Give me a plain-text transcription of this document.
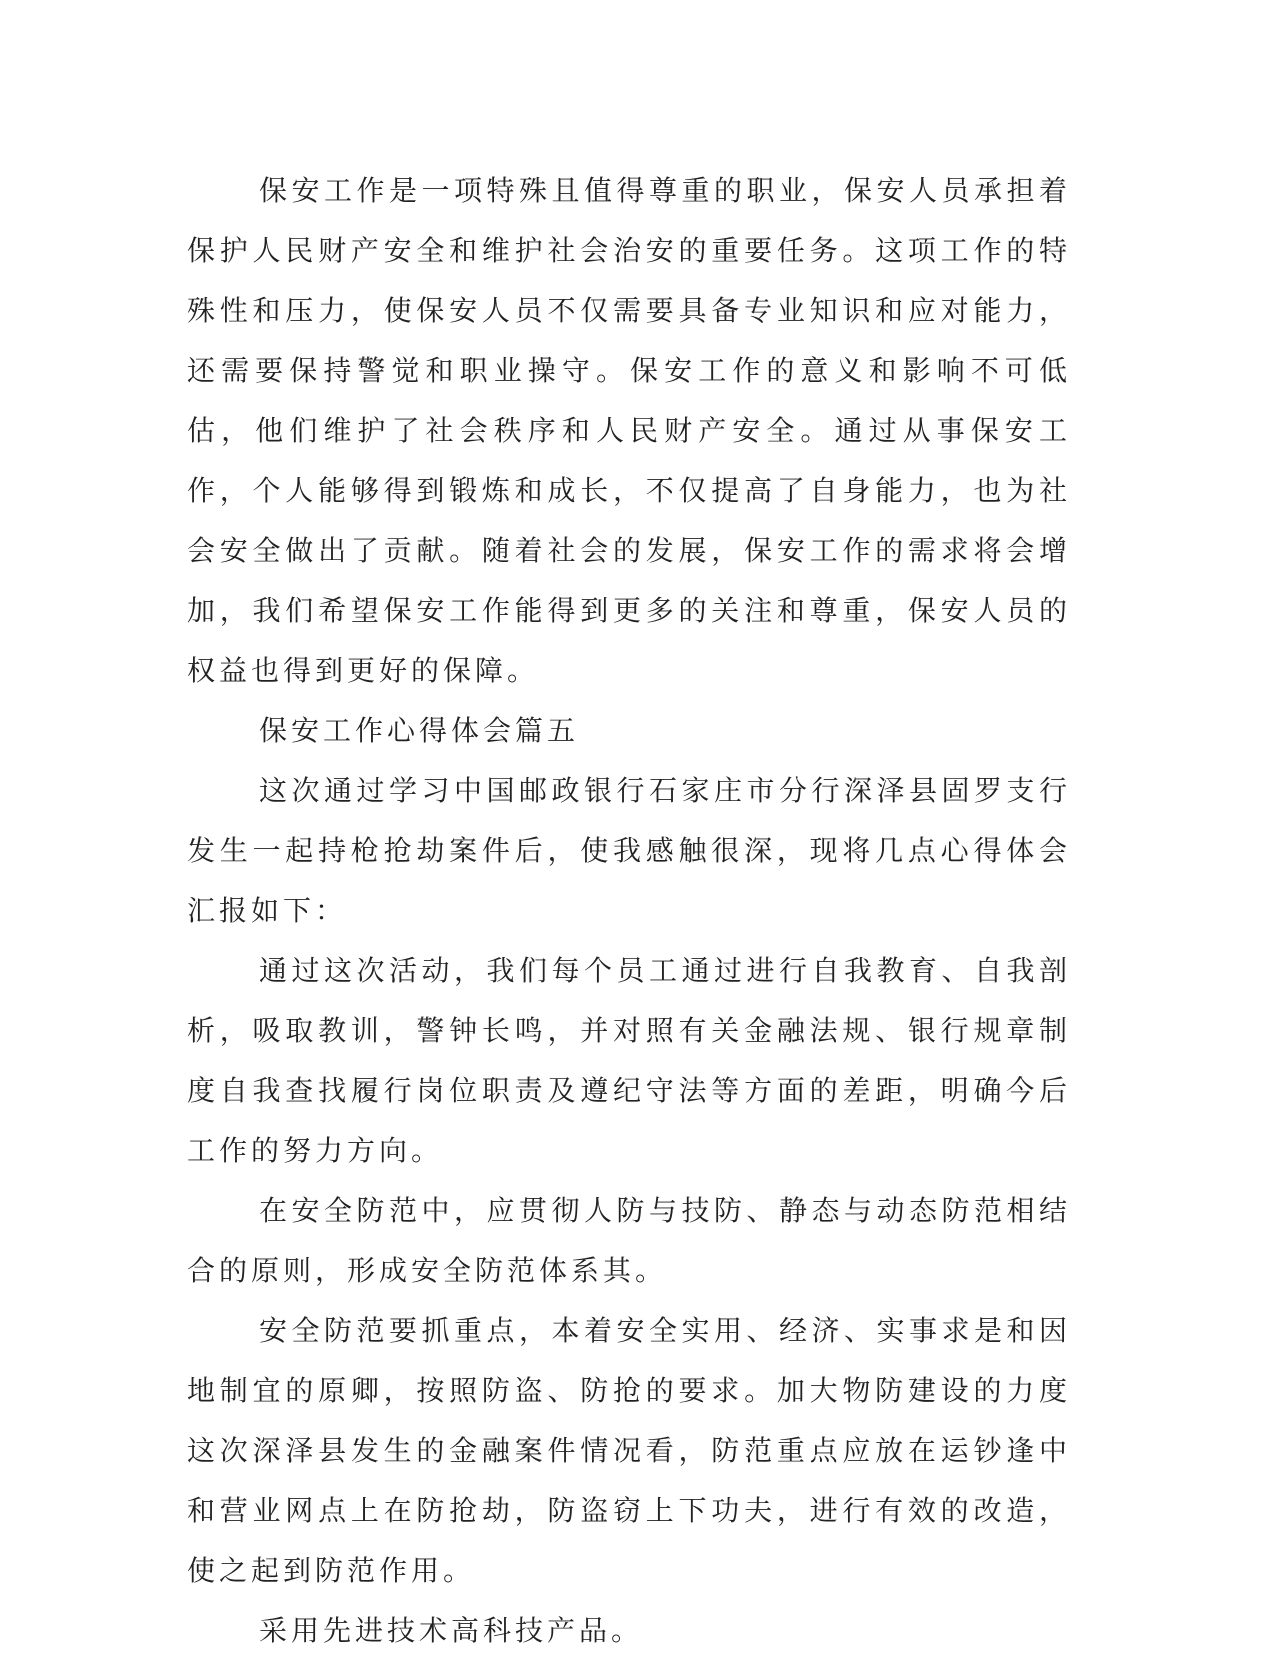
保安工作是一项特殊且值得尊重的职业，保安人员承担着保护人民财产安全和维护社会治安的重要任务。这项工作的特殊性和压力，使保安人员不仅需要具备专业知识和应对能力，还需要保持警觉和职业操守。保安工作的意义和影响不可低估，他们维护了社会秩序和人民财产安全。通过从事保安工作，个人能够得到锻炼和成长，不仅提高了自身能力，也为社会安全做出了贡献。随着社会的发展，保安工作的需求将会增加，我们希望保安工作能得到更多的关注和尊重，保安人员的权益也得到更好的保障。

保安工作心得体会篇五

这次通过学习中国邮政银行石家庄市分行深泽县固罗支行发生一起持枪抢劫案件后，使我感触很深，现将几点心得体会汇报如下：

通过这次活动，我们每个员工通过进行自我教育、自我剖析，吸取教训，警钟长鸣，并对照有关金融法规、银行规章制度自我查找履行岗位职责及遵纪守法等方面的差距，明确今后工作的努力方向。

在安全防范中，应贯彻人防与技防、静态与动态防范相结合的原则，形成安全防范体系其。

安全防范要抓重点，本着安全实用、经济、实事求是和因地制宜的原卿，按照防盗、防抢的要求。加大物防建设的力度这次深泽县发生的金融案件情况看，防范重点应放在运钞逢中和营业网点上在防抢劫，防盗窃上下功夫，进行有效的改造，使之起到防范作用。

采用先进技术高科技产品。
